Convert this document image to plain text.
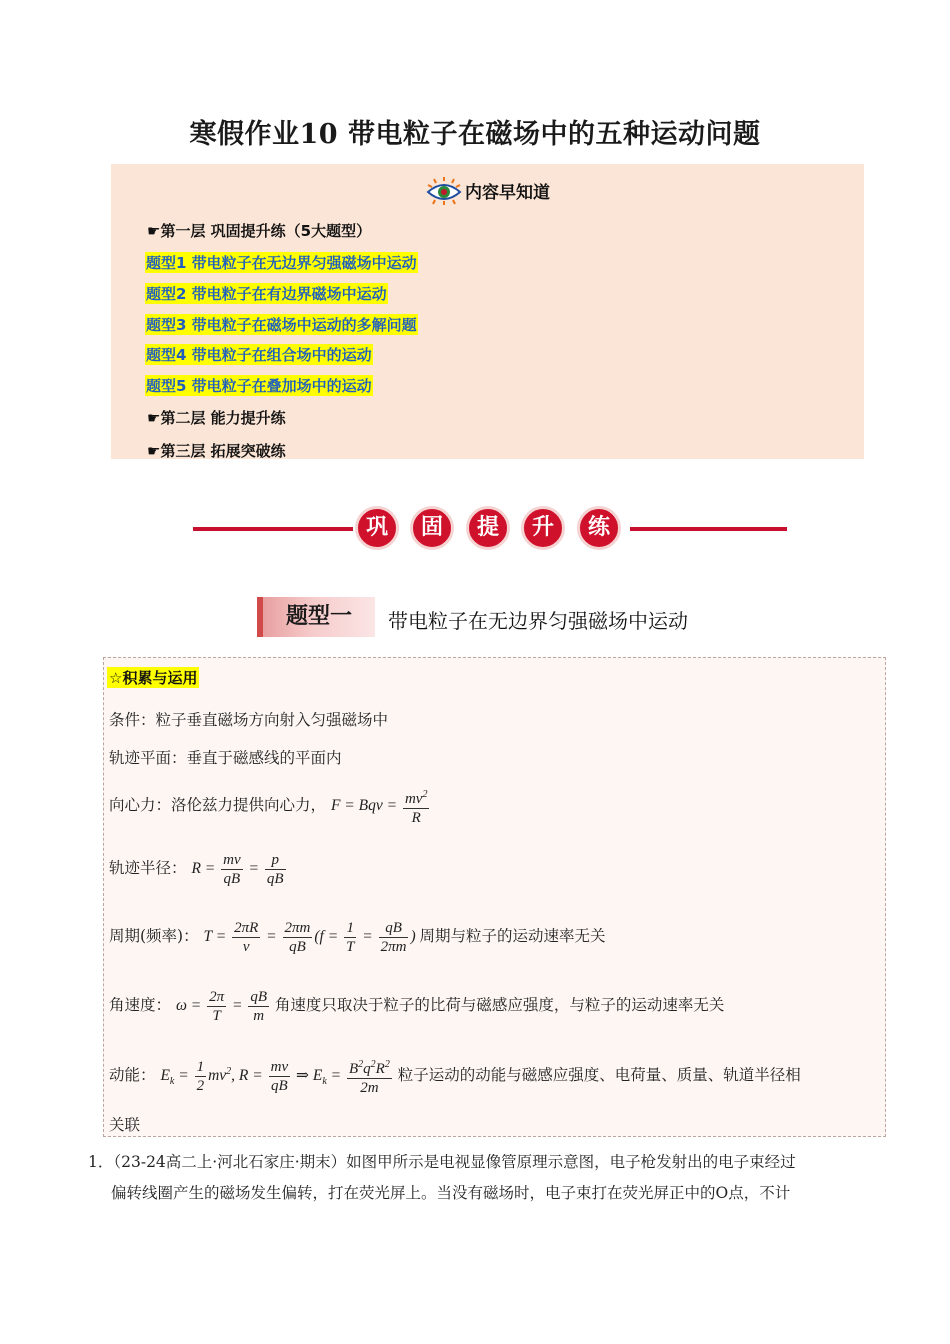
寒假作业10 带电粒子在磁场中的五种运动问题
内容早知道
☛第一层 巩固提升练（5大题型）
题型1 带电粒子在无边界匀强磁场中运动
题型2 带电粒子在有边界磁场中运动
题型3 带电粒子在磁场中运动的多解问题
题型4 带电粒子在组合场中的运动
题型5 带电粒子在叠加场中的运动
☛第二层 能力提升练
☛第三层 拓展突破练
巩	固	提	升	练
题型一	带电粒子在无边界匀强磁场中运动
☆积累与运用
条件：粒子垂直磁场方向射入匀强磁场中
轨迹平面：垂直于磁感线的平面内
向心力：洛伦兹力提供向心力， F = Bqv = $\frac{mv^2}{R}$
轨迹半径： $R = \frac{mv}{qB} = \frac{p}{qB}$
周期(频率)： $T = \frac{2\pi R}{v} = \frac{2\pi m}{qB} (f = \frac{1}{T} = \frac{qB}{2\pi m}$ ) 周期与粒子的运动速率无关
角速度： $\omega = \frac{2\pi}{T} = \frac{qB}{m}$ 角速度只取决于粒子的比荷与磁感应强度，与粒子的运动速率无关
动能： $E_k = \frac{1}{2} mv^2$, $R = \frac{mv}{qB}$ ⇒ $E_k = \frac{B^2q^2R^2}{2m}$ 粒子运动的动能与磁感应强度、电荷量、质量、轨道半径相
关联
1．（23-24高二上·河北石家庄·期末）如图甲所示是电视显像管原理示意图，电子枪发射出的电子束经过
偏转线圈产生的磁场发生偏转，打在荧光屏上。当没有磁场时，电子束打在荧光屏正中的O点，不计
